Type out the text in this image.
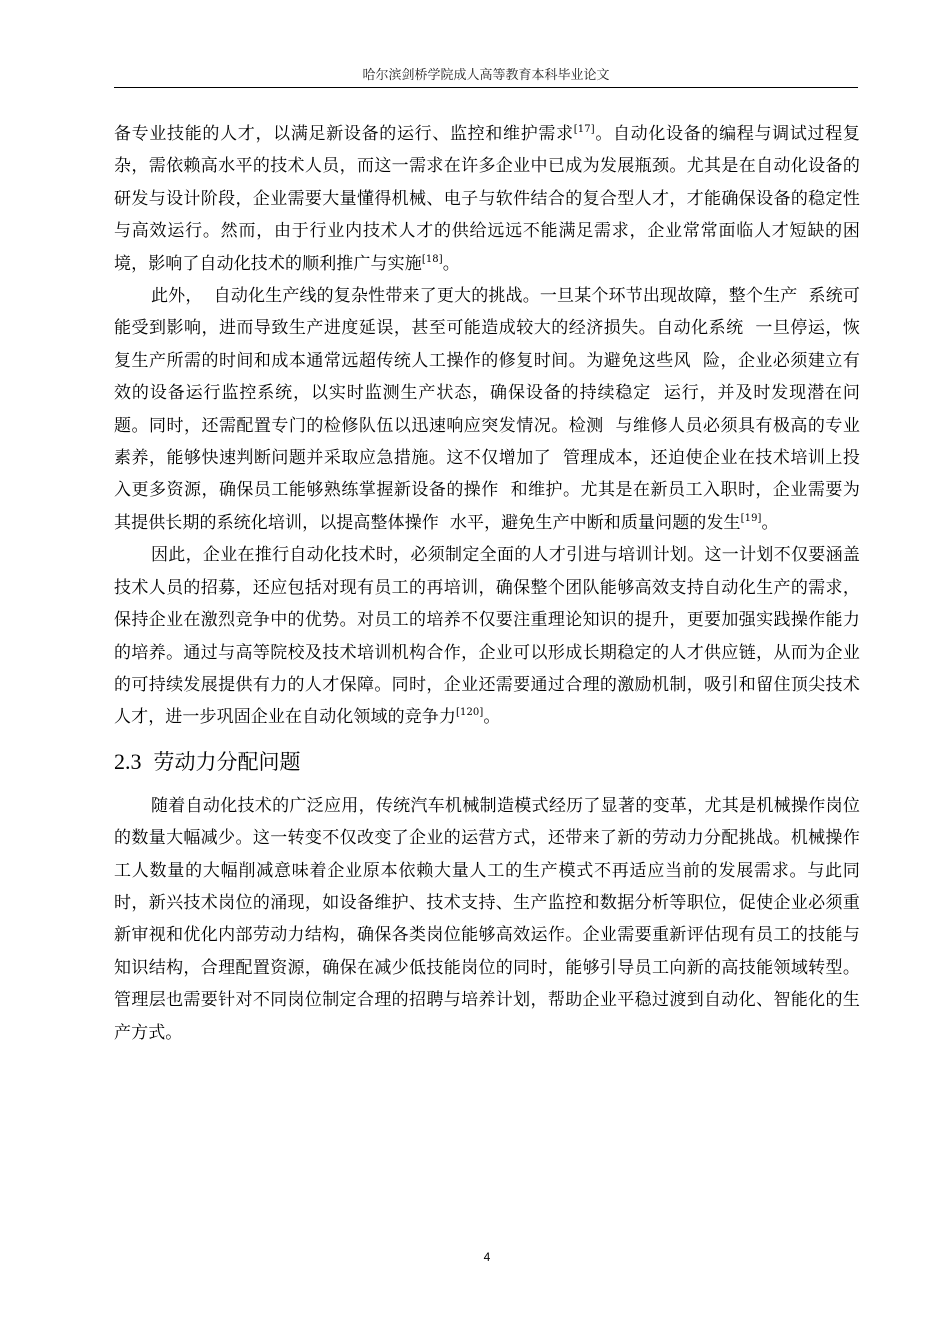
哈尔滨剑桥学院成人高等教育本科毕业论文

备专业技能的人才，以满足新设备的运行、监控和维护需求[17]。自动化设备的编程与调试过程复杂，需依赖高水平的技术人员，而这一需求在许多企业中已成为发展瓶颈。尤其是在自动化设备的研发与设计阶段，企业需要大量懂得机械、电子与软件结合的复合型人才，才能确保设备的稳定性与高效运行。然而，由于行业内技术人才的供给远远不能满足需求，企业常常面临人才短缺的困境，影响了自动化技术的顺利推广与实施[18]。

此外，  自动化生产线的复杂性带来了更大的挑战。一旦某个环节出现故障，整个生产  系统可能受到影响，进而导致生产进度延误，甚至可能造成较大的经济损失。自动化系统  一旦停运，恢复生产所需的时间和成本通常远超传统人工操作的修复时间。为避免这些风  险，企业必须建立有效的设备运行监控系统，以实时监测生产状态，确保设备的持续稳定  运行，并及时发现潜在问题。同时，还需配置专门的检修队伍以迅速响应突发情况。检测  与维修人员必须具有极高的专业素养，能够快速判断问题并采取应急措施。这不仅增加了  管理成本，还迫使企业在技术培训上投入更多资源，确保员工能够熟练掌握新设备的操作  和维护。尤其是在新员工入职时，企业需要为其提供长期的系统化培训，以提高整体操作  水平，避免生产中断和质量问题的发生[19]。

因此，企业在推行自动化技术时，必须制定全面的人才引进与培训计划。这一计划不仅要涵盖技术人员的招募，还应包括对现有员工的再培训，确保整个团队能够高效支持自动化生产的需求，保持企业在激烈竞争中的优势。对员工的培养不仅要注重理论知识的提升，更要加强实践操作能力的培养。通过与高等院校及技术培训机构合作，企业可以形成长期稳定的人才供应链，从而为企业的可持续发展提供有力的人才保障。同时，企业还需要通过合理的激励机制，吸引和留住顶尖技术人才，进一步巩固企业在自动化领域的竞争力[120]。

2.3 劳动力分配问题

随着自动化技术的广泛应用，传统汽车机械制造模式经历了显著的变革，尤其是机械操作岗位的数量大幅减少。这一转变不仅改变了企业的运营方式，还带来了新的劳动力分配挑战。机械操作工人数量的大幅削减意味着企业原本依赖大量人工的生产模式不再适应当前的发展需求。与此同时，新兴技术岗位的涌现，如设备维护、技术支持、生产监控和数据分析等职位，促使企业必须重新审视和优化内部劳动力结构，确保各类岗位能够高效运作。企业需要重新评估现有员工的技能与知识结构，合理配置资源，确保在减少低技能岗位的同时，能够引导员工向新的高技能领域转型。管理层也需要针对不同岗位制定合理的招聘与培养计划，帮助企业平稳过渡到自动化、智能化的生产方式。

4
